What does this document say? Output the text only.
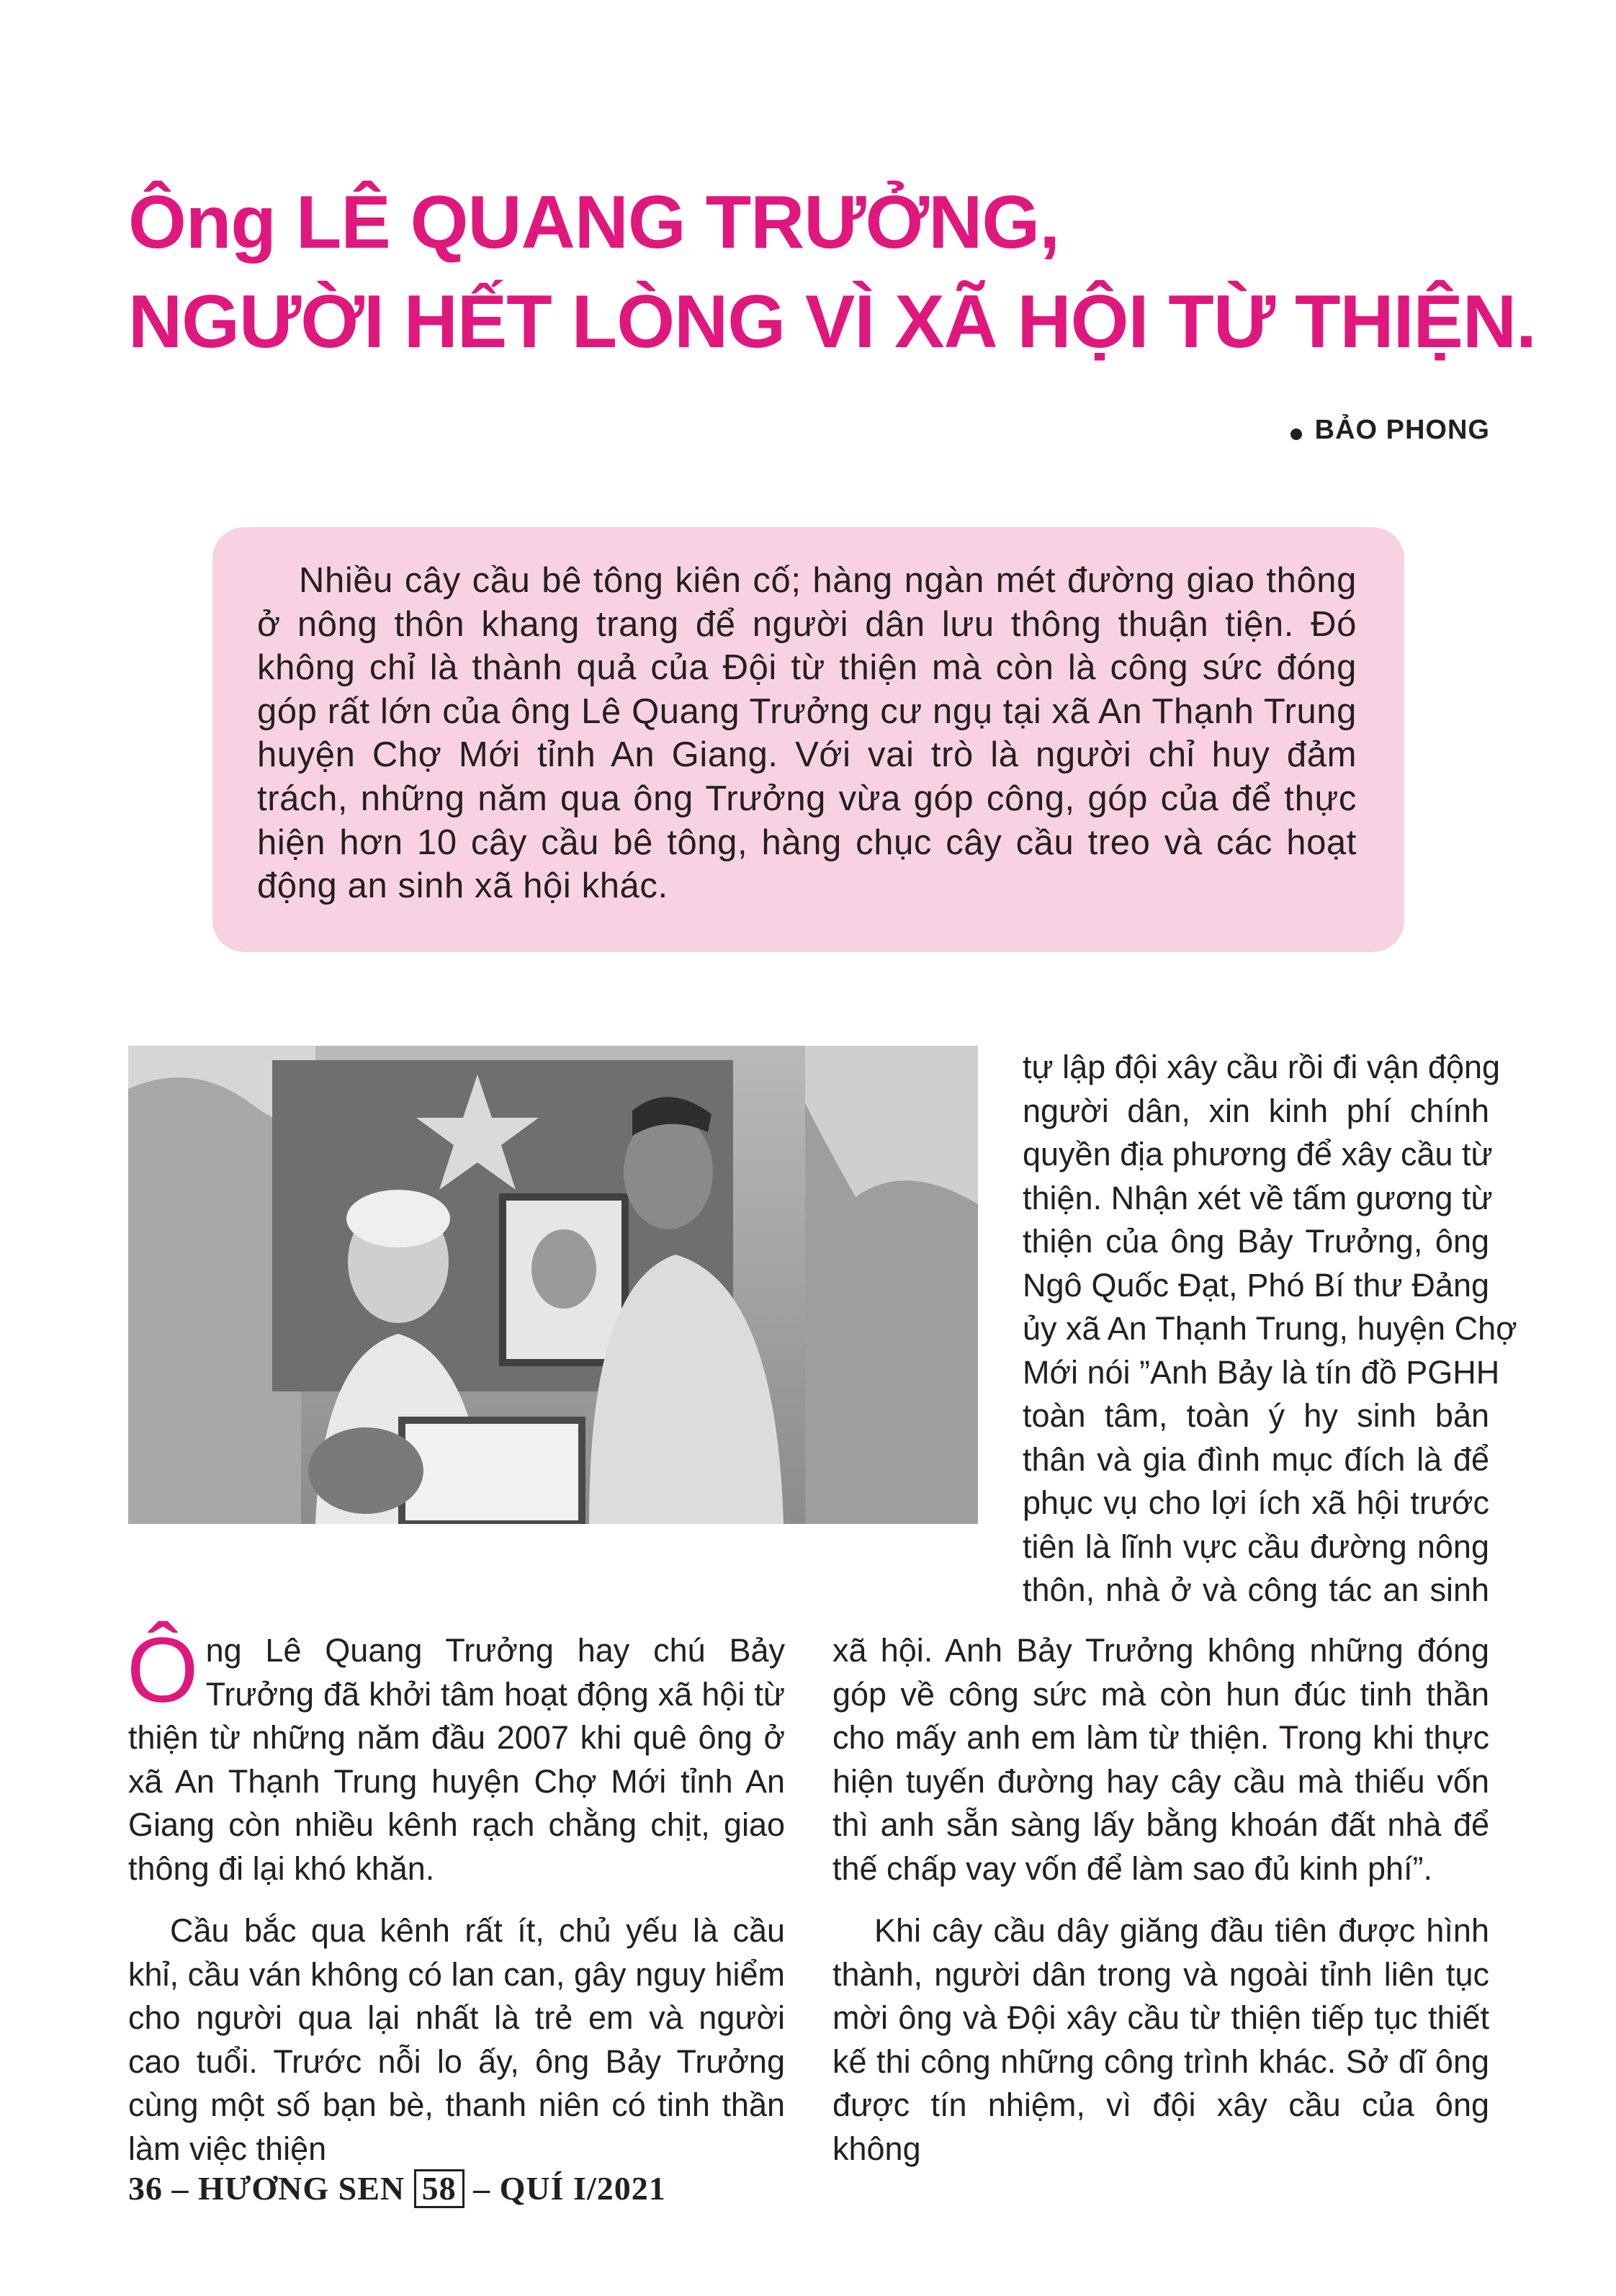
Ông LÊ QUANG TRƯỞNG,
NGƯỜI HẾT LÒNG VÌ XÃ HỘI TỪ THIỆN.
BẢO PHONG

Nhiều cây cầu bê tông kiên cố; hàng ngàn mét đường giao thông ở nông thôn khang trang để người dân lưu thông thuận tiện. Đó không chỉ là thành quả của Đội từ thiện mà còn là công sức đóng góp rất lớn của ông Lê Quang Trưởng cư ngụ tại xã An Thạnh Trung huyện Chợ Mới tỉnh An Giang. Với vai trò là người chỉ huy đảm trách, những năm qua ông Trưởng vừa góp công, góp của để thực hiện hơn 10 cây cầu bê tông, hàng chục cây cầu treo và các hoạt động an sinh xã hội khác.

tự lập đội xây cầu rồi đi vận động
người dân, xin kinh phí chính
quyền địa phương để xây cầu từ
thiện. Nhận xét về tấm gương từ
thiện của ông Bảy Trưởng, ông
Ngô Quốc Đạt, Phó Bí thư Đảng
ủy xã An Thạnh Trung, huyện Chợ
Mới nói ”Anh Bảy là tín đồ PGHH
toàn tâm, toàn ý hy sinh bản
thân và gia đình mục đích là để
phục vụ cho lợi ích xã hội trước
tiên là lĩnh vực cầu đường nông
thôn, nhà ở và công tác an sinh

Ông Lê Quang Trưởng hay chú Bảy Trưởng đã khởi tâm hoạt động xã hội từ thiện từ những năm đầu 2007 khi quê ông ở xã An Thạnh Trung huyện Chợ Mới tỉnh An Giang còn nhiều kênh rạch chằng chịt, giao thông đi lại khó khăn.

Cầu bắc qua kênh rất ít, chủ yếu là cầu khỉ, cầu ván không có lan can, gây nguy hiểm cho người qua lại nhất là trẻ em và người cao tuổi. Trước nỗi lo ấy, ông Bảy Trưởng cùng một số bạn bè, thanh niên có tinh thần làm việc thiện

xã hội. Anh Bảy Trưởng không những đóng góp về công sức mà còn hun đúc tinh thần cho mấy anh em làm từ thiện. Trong khi thực hiện tuyến đường hay cây cầu mà thiếu vốn thì anh sẵn sàng lấy bằng khoán đất nhà để thế chấp vay vốn để làm sao đủ kinh phí”.

Khi cây cầu dây giăng đầu tiên được hình thành, người dân trong và ngoài tỉnh liên tục mời ông và Đội xây cầu từ thiện tiếp tục thiết kế thi công những công trình khác. Sở dĩ ông được tín nhiệm, vì đội xây cầu của ông không

36 – HƯƠNG SEN 58 – QUÍ I/2021
